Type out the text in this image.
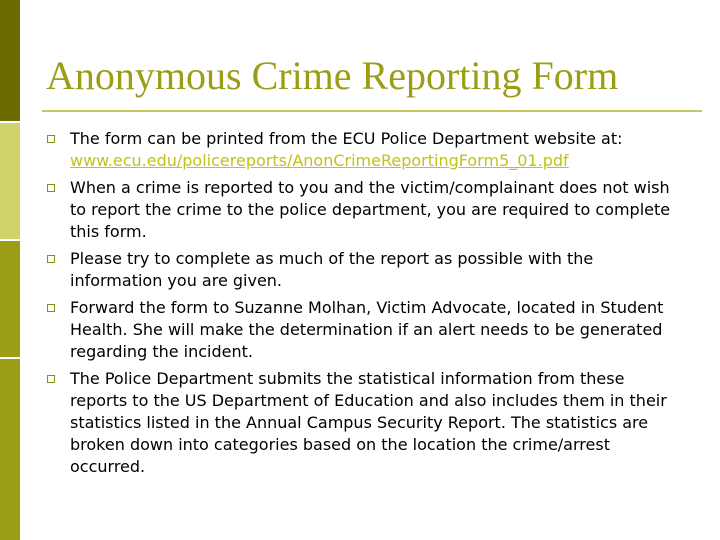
Anonymous Crime Reporting Form
The form can be printed from the ECU Police Department website at: www.ecu.edu/policereports/AnonCrimeReportingForm5_01.pdf
When a crime is reported to you and the victim/complainant does not wish to report the crime to the police department, you are required to complete this form.
Please try to complete as much of the report as possible with the information you are given.
Forward the form to Suzanne Molhan, Victim Advocate, located in Student Health. She will make the determination if an alert needs to be generated regarding the incident.
The Police Department submits the statistical information from these reports to the US Department of Education and also includes them in their statistics listed in the Annual Campus Security Report. The statistics are broken down into categories based on the location the crime/arrest occurred.
